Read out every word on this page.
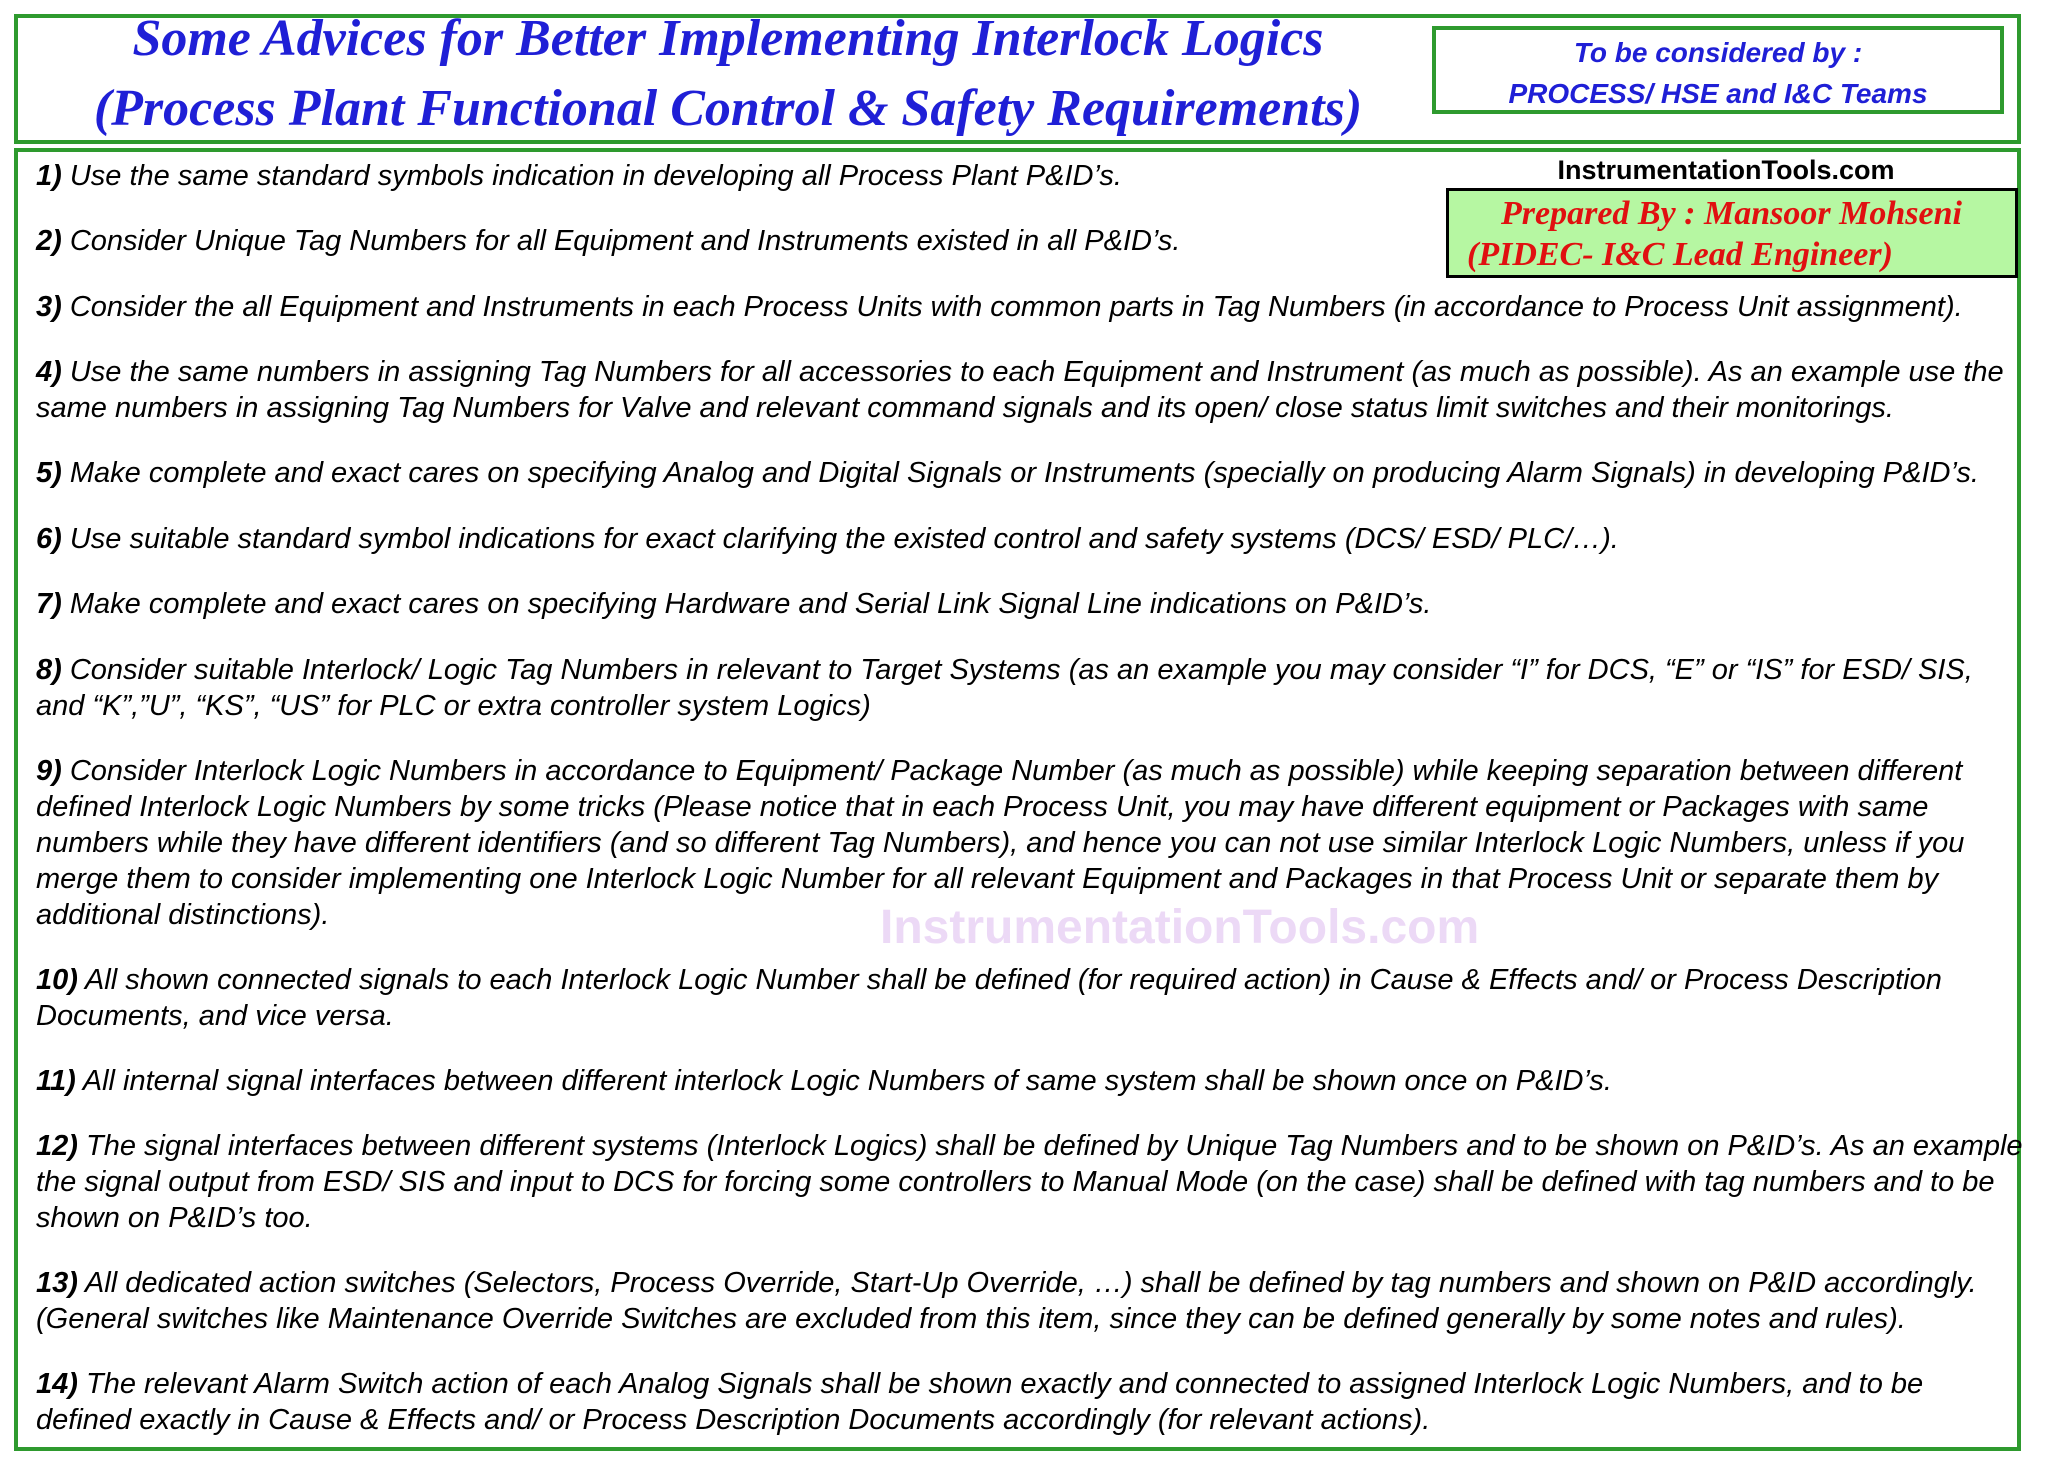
Some Advices for Better Implementing Interlock Logics
(Process Plant Functional Control & Safety Requirements)
To be considered by :
PROCESS/ HSE and I&C Teams
InstrumentationTools.com
InstrumentationTools.com
Prepared By : Mansoor Mohseni
(PIDEC- I&C Lead Engineer)
1) Use the same standard symbols indication in developing all Process Plant P&ID’s.
2) Consider Unique Tag Numbers for all Equipment and Instruments existed in all P&ID’s.
3) Consider the all Equipment and Instruments in each Process Units with common parts in Tag Numbers (in accordance to Process Unit assignment).
4) Use the same numbers in assigning Tag Numbers for all accessories to each Equipment and Instrument (as much as possible). As an example use the same numbers in assigning Tag Numbers for Valve and relevant command signals and its open/ close status limit switches and their monitorings.
5) Make complete and exact cares on specifying Analog and Digital Signals or Instruments (specially on producing Alarm Signals) in developing P&ID’s.
6) Use suitable standard symbol indications for exact clarifying the existed control and safety systems (DCS/ ESD/ PLC/…).
7) Make complete and exact cares on specifying Hardware and Serial Link Signal Line indications on P&ID’s.
8) Consider suitable Interlock/ Logic Tag Numbers in relevant to Target Systems (as an example you may consider “I” for DCS, “E” or “IS” for ESD/ SIS, and “K”,”U”, “KS”, “US” for PLC or extra controller system Logics)
9) Consider Interlock Logic Numbers in accordance to Equipment/ Package Number (as much as possible) while keeping separation between different defined Interlock Logic Numbers by some tricks (Please notice that in each Process Unit, you may have different equipment or Packages with same numbers while they have different identifiers (and so different Tag Numbers), and hence you can not use similar Interlock Logic Numbers, unless if you merge them to consider implementing one Interlock Logic Number for all relevant Equipment and Packages in that Process Unit or separate them by additional distinctions).
10) All shown connected signals to each Interlock Logic Number shall be defined (for required action) in Cause & Effects and/ or Process Description Documents, and vice versa.
11) All internal signal interfaces between different interlock Logic Numbers of same system shall be shown once on P&ID’s.
12) The signal interfaces between different systems (Interlock Logics) shall be defined by Unique Tag Numbers and to be shown on P&ID’s. As an example the signal output from ESD/ SIS and input to DCS for forcing some controllers to Manual Mode (on the case) shall be defined with tag numbers and to be shown on P&ID’s too.
13) All dedicated action switches (Selectors, Process Override, Start-Up Override, …) shall be defined by tag numbers and shown on P&ID accordingly. (General switches like Maintenance Override Switches are excluded from this item, since they can be defined generally by some notes and rules).
14) The relevant Alarm Switch action of each Analog Signals shall be shown exactly and connected to assigned Interlock Logic Numbers, and to be defined exactly in Cause & Effects and/ or Process Description Documents accordingly (for relevant actions).
